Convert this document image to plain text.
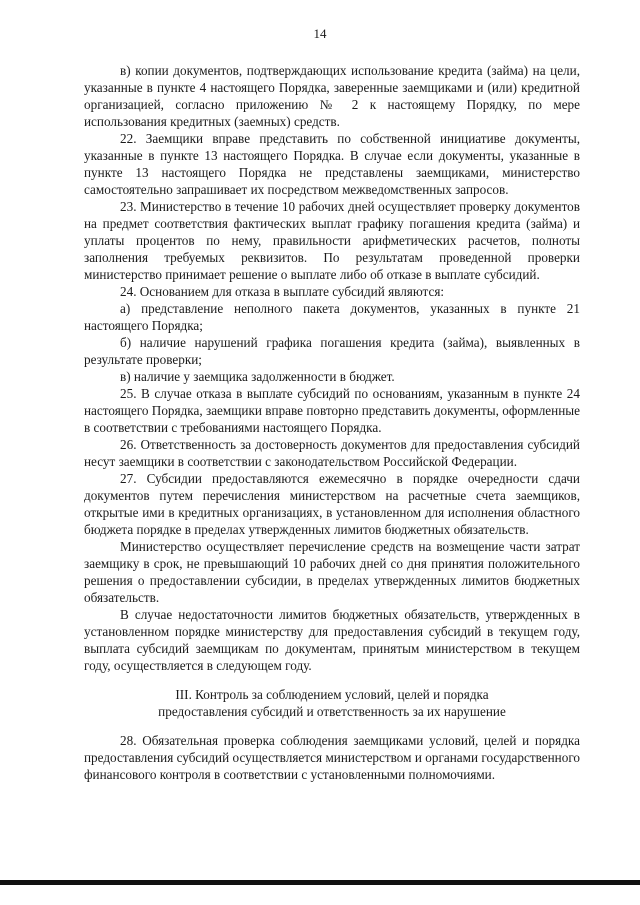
14

в) копии документов, подтверждающих использование кредита (займа) на цели, указанные в пункте 4 настоящего Порядка, заверенные заемщиками и (или) кредитной организацией, согласно приложению № 2 к настоящему Порядку, по мере использования кредитных (заемных) средств.

22. Заемщики вправе представить по собственной инициативе документы, указанные в пункте 13 настоящего Порядка. В случае если документы, указанные в пункте 13 настоящего Порядка не представлены заемщиками, министерство самостоятельно запрашивает их посредством межведомственных запросов.

23. Министерство в течение 10 рабочих дней осуществляет проверку документов на предмет соответствия фактических выплат графику погашения кредита (займа) и уплаты процентов по нему, правильности арифметических расчетов, полноты заполнения требуемых реквизитов. По результатам проведенной проверки министерство принимает решение о выплате либо об отказе в выплате субсидий.

24. Основанием для отказа в выплате субсидий являются:

а) представление неполного пакета документов, указанных в пункте 21 настоящего Порядка;

б) наличие нарушений графика погашения кредита (займа), выявленных в результате проверки;

в) наличие у заемщика задолженности в бюджет.

25. В случае отказа в выплате субсидий по основаниям, указанным в пункте 24 настоящего Порядка, заемщики вправе повторно представить документы, оформленные в соответствии с требованиями настоящего Порядка.

26. Ответственность за достоверность документов для предоставления субсидий несут заемщики в соответствии с законодательством Российской Федерации.

27. Субсидии предоставляются ежемесячно в порядке очередности сдачи документов путем перечисления министерством на расчетные счета заемщиков, открытые ими в кредитных организациях, в установленном для исполнения областного бюджета порядке в пределах утвержденных лимитов бюджетных обязательств.

Министерство осуществляет перечисление средств на возмещение части затрат заемщику в срок, не превышающий 10 рабочих дней со дня принятия положительного решения о предоставлении субсидии, в пределах утвержденных лимитов бюджетных обязательств.

В случае недостаточности лимитов бюджетных обязательств, утвержденных в установленном порядке министерству для предоставления субсидий в текущем году, выплата субсидий заемщикам по документам, принятым министерством в текущем году, осуществляется в следующем году.

III. Контроль за соблюдением условий, целей и порядка
предоставления субсидий и ответственность за их нарушение

28. Обязательная проверка соблюдения заемщиками условий, целей и порядка предоставления субсидий осуществляется министерством и органами государственного финансового контроля в соответствии с установленными полномочиями.
